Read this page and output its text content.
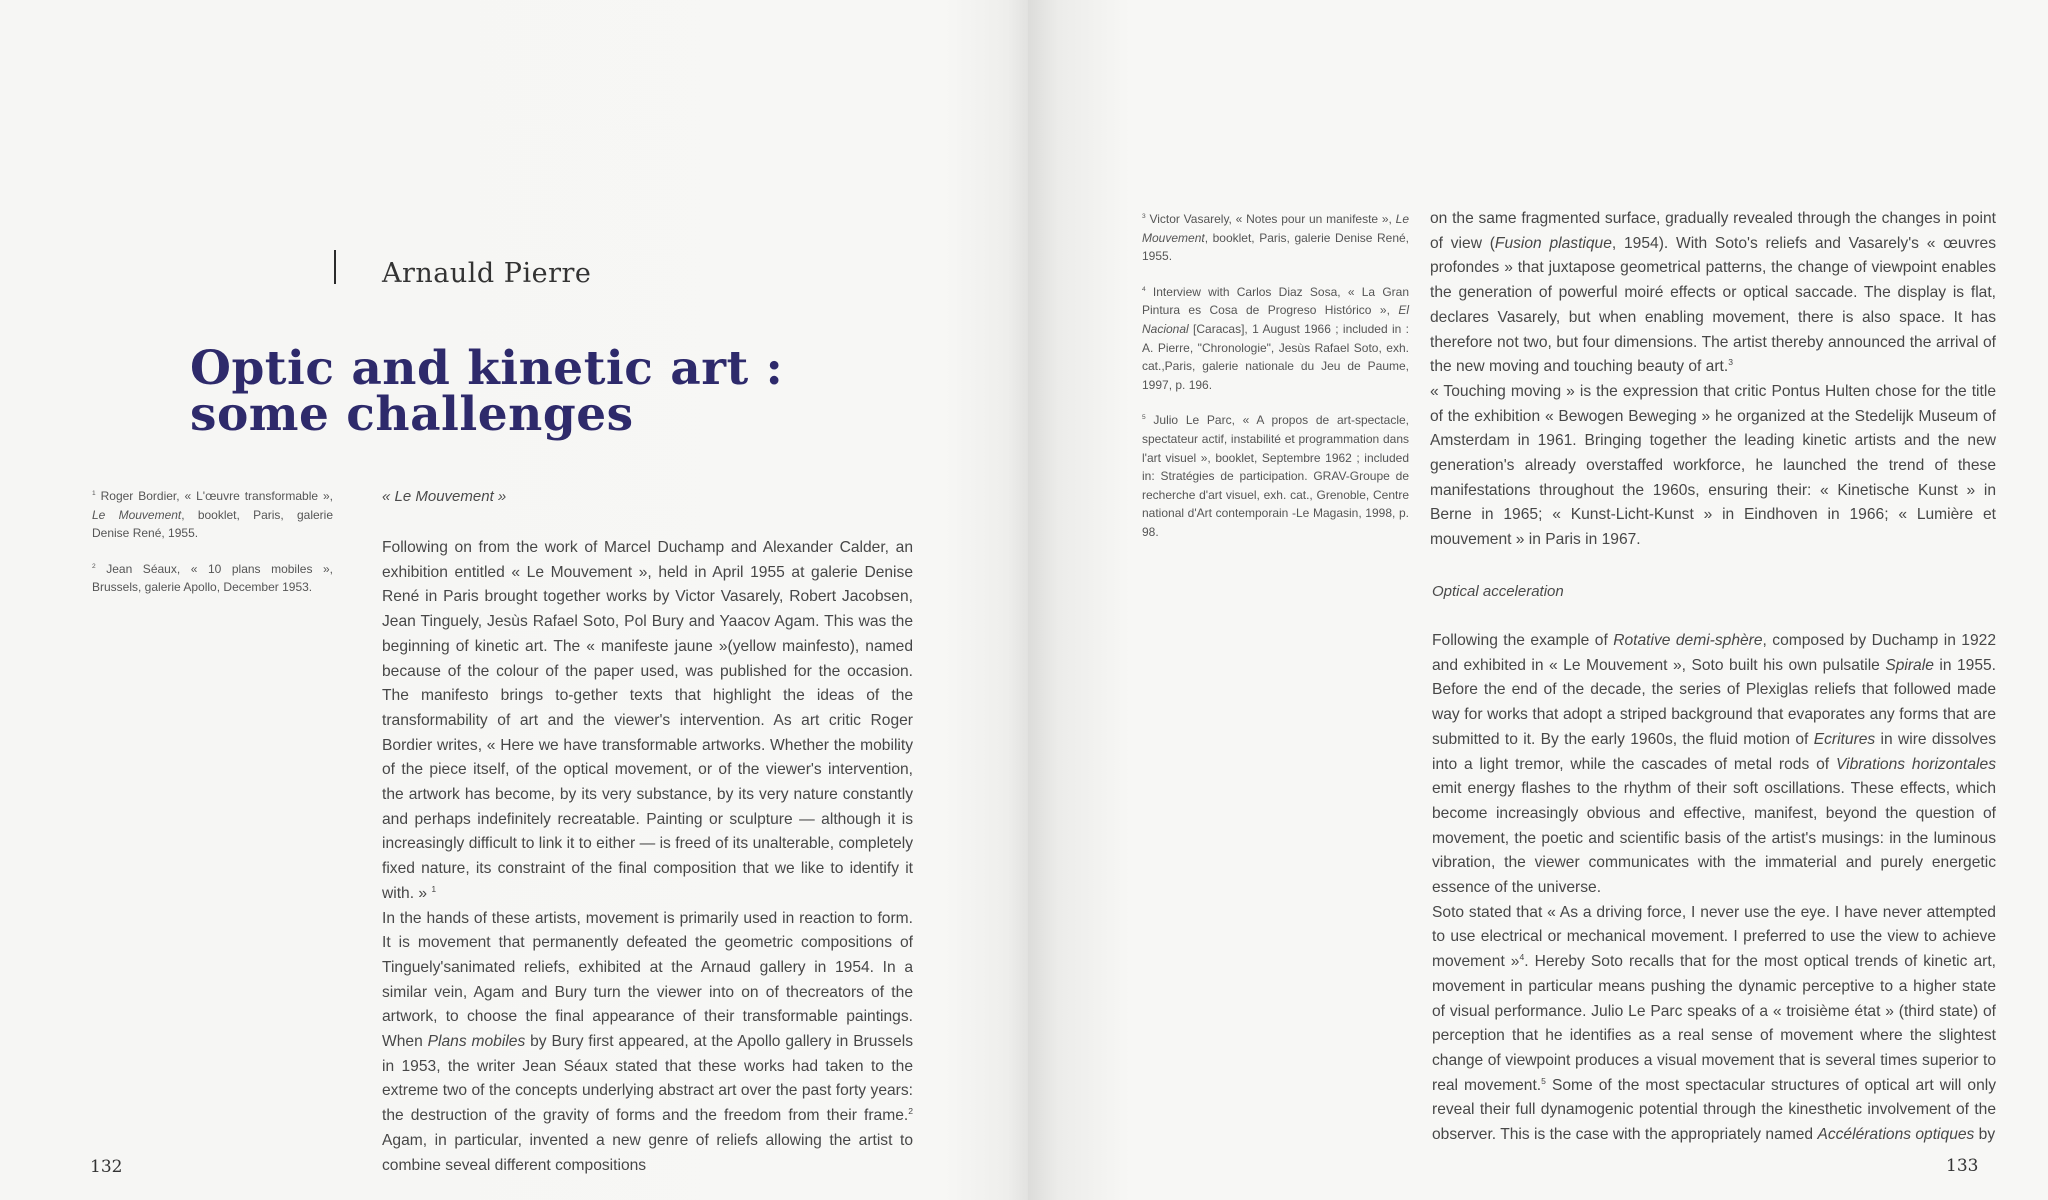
Arnauld Pierre
Optic and kinetic art :
some challenges

$^1$ Roger Bordier, « L'œuvre transformable », Le Mouvement, booklet, Paris, galerie Denise René, 1955.

$^2$ Jean Séaux, « 10 plans mobiles », Brussels, galerie Apollo, December 1953.

« Le Mouvement »

Following on from the work of Marcel Duchamp and Alexander Calder, an exhibition entitled « Le Mouvement », held in April 1955 at galerie Denise René in Paris brought together works by Victor Vasarely, Robert Jacobsen, Jean Tinguely, Jesùs Rafael Soto, Pol Bury and Yaacov Agam. This was the beginning of kinetic art. The « manifeste jaune »(yellow mainfesto), named because of the colour of the paper used, was published for the occasion. The manifesto brings to-gether texts that highlight the ideas of the transformability of art and the viewer's intervention. As art critic Roger Bordier writes, « Here we have transformable artworks. Whether the mobility of the piece itself, of the optical movement, or of the viewer's intervention, the artwork has become, by its very substance, by its very nature constantly and perhaps indefinitely recreatable. Painting or sculpture — although it is increasingly difficult to link it to either — is freed of its unalterable, completely fixed nature, its constraint of the final composition that we like to identify it with. » $^1$

In the hands of these artists, movement is primarily used in reaction to form. It is movement that permanently defeated the geometric compositions of Tinguely'sanimated reliefs, exhibited at the Arnaud gallery in 1954. In a similar vein, Agam and Bury turn the viewer into on of thecreators of the artwork, to choose the final appearance of their transformable paintings. When Plans mobiles by Bury first appeared, at the Apollo gallery in Brussels in 1953, the writer Jean Séaux stated that these works had taken to the extreme two of the concepts underlying abstract art over the past forty years: the destruction of the gravity of forms and the freedom from their frame.$^2$ Agam, in particular, invented a new genre of reliefs allowing the artist to combine seveal different compositions

132

$^3$ Victor Vasarely, « Notes pour un manifeste », Le Mouvement, booklet, Paris, galerie Denise René, 1955.

$^4$ Interview with Carlos Diaz Sosa, « La Gran Pintura es Cosa de Progreso Histórico », El Nacional [Caracas], 1 August 1966 ; included in : A. Pierre, "Chronologie", Jesùs Rafael Soto, exh. cat.,Paris, galerie nationale du Jeu de Paume, 1997, p. 196.

$^5$ Julio Le Parc, « A propos de art-spectacle, spectateur actif, instabilité et programmation dans l'art visuel », booklet, Septembre 1962 ; included in: Stratégies de participation. GRAV-Groupe de recherche d'art visuel, exh. cat., Grenoble, Centre national d'Art contemporain -Le Magasin, 1998, p. 98.

on the same fragmented surface, gradually revealed through the changes in point of view (Fusion plastique, 1954). With Soto's reliefs and Vasarely's « œuvres profondes » that juxtapose geometrical patterns, the change of viewpoint enables the generation of powerful moiré effects or optical saccade. The display is flat, declares Vasarely, but when enabling movement, there is also space. It has therefore not two, but four dimensions. The artist thereby announced the arrival of the new moving and touching beauty of art.$^3$

« Touching moving » is the expression that critic Pontus Hulten chose for the title of the exhibition « Bewogen Beweging » he organized at the Stedelijk Museum of Amsterdam in 1961. Bringing together the leading kinetic artists and the new generation's already overstaffed workforce, he launched the trend of these manifestations throughout the 1960s, ensuring their: « Kinetische Kunst » in Berne in 1965; « Kunst-Licht-Kunst » in Eindhoven in 1966; « Lumière et mouvement » in Paris in 1967.

Optical acceleration

Following the example of Rotative demi-sphère, composed by Duchamp in 1922 and exhibited in « Le Mouvement », Soto built his own pulsatile Spirale in 1955. Before the end of the decade, the series of Plexiglas reliefs that followed made way for works that adopt a striped background that evaporates any forms that are submitted to it. By the early 1960s, the fluid motion of Ecritures in wire dissolves into a light tremor, while the cascades of metal rods of Vibrations horizontales emit energy flashes to the rhythm of their soft oscillations. These effects, which become increasingly obvious and effective, manifest, beyond the question of movement, the poetic and scientific basis of the artist's musings: in the luminous vibration, the viewer communicates with the immaterial and purely energetic essence of the universe.

Soto stated that « As a driving force, I never use the eye. I have never attempted to use electrical or mechanical movement. I preferred to use the view to achieve movement »$^4$. Hereby Soto recalls that for the most optical trends of kinetic art, movement in particular means pushing the dynamic perceptive to a higher state of visual performance. Julio Le Parc speaks of a « troisième état » (third state) of perception that he identifies as a real sense of movement where the slightest change of viewpoint produces a visual movement that is several times superior to real movement.$^5$ Some of the most spectacular structures of optical art will only reveal their full dynamogenic potential through the kinesthetic involvement of the observer. This is the case with the appropriately named Accélérations optiques by

133
